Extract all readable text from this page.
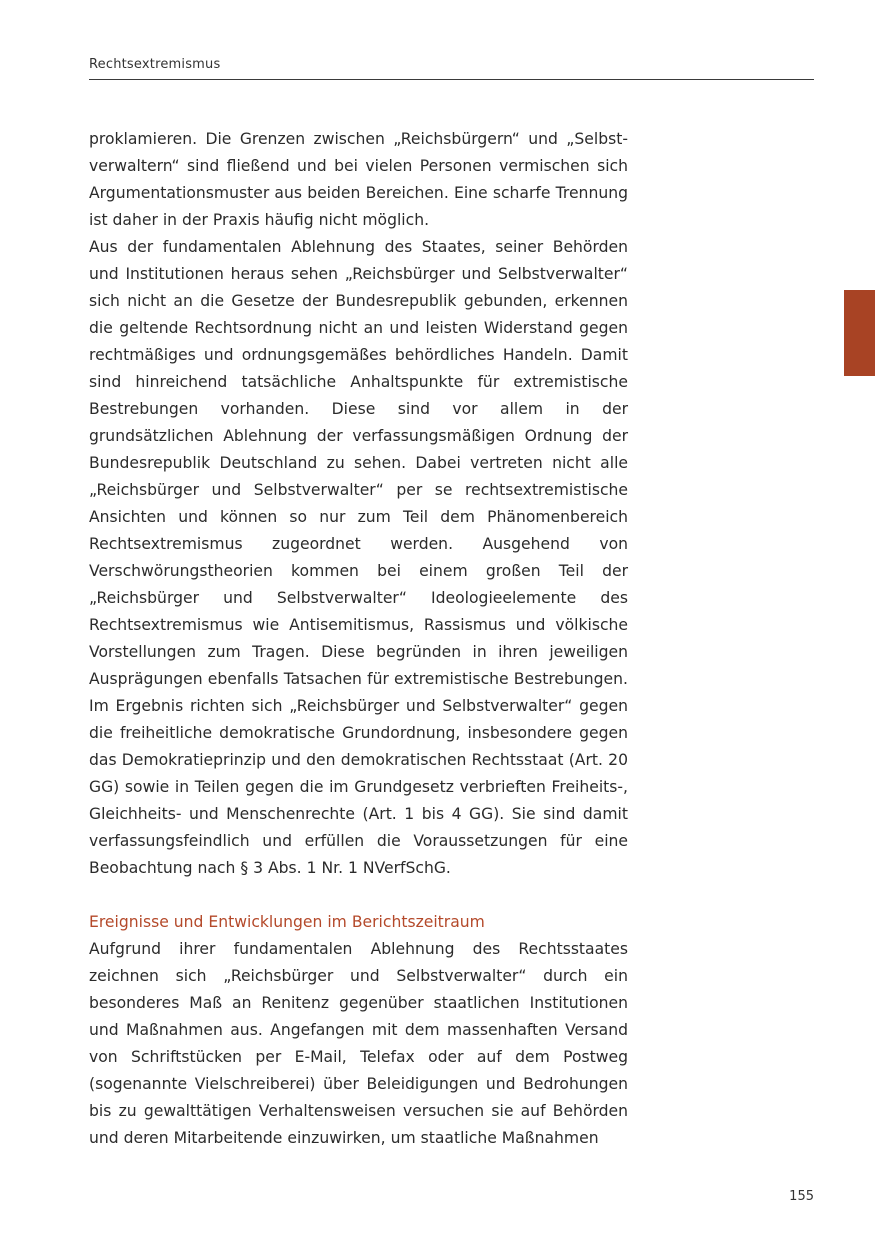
Rechtsextremismus

proklamieren. Die Grenzen zwischen „Reichsbürgern“ und „Selbstverwaltern“ sind fließend und bei vielen Personen vermischen sich Argumentationsmuster aus beiden Bereichen. Eine scharfe Trennung ist daher in der Praxis häufig nicht möglich.

Aus der fundamentalen Ablehnung des Staates, seiner Behörden und Institutionen heraus sehen „Reichsbürger und Selbstverwalter“ sich nicht an die Gesetze der Bundesrepublik gebunden, erkennen die geltende Rechtsordnung nicht an und leisten Widerstand gegen rechtmäßiges und ordnungsgemäßes behördliches Handeln. Damit sind hinreichend tatsächliche Anhaltspunkte für extremistische Bestrebungen vorhanden. Diese sind vor allem in der grundsätzlichen Ablehnung der verfassungsmäßigen Ordnung der Bundesrepublik Deutschland zu sehen. Dabei vertreten nicht alle „Reichsbürger und Selbstverwalter“ per se rechtsextremistische Ansichten und können so nur zum Teil dem Phänomenbereich Rechtsextremismus zugeordnet werden. Ausgehend von Verschwörungstheorien kommen bei einem großen Teil der „Reichsbürger und Selbstverwalter“ Ideologieelemente des Rechtsextremismus wie Antisemitismus, Rassismus und völkische Vorstellungen zum Tragen. Diese begründen in ihren jeweiligen Ausprägungen ebenfalls Tatsachen für extremistische Bestrebungen. Im Ergebnis richten sich „Reichsbürger und Selbstverwalter“ gegen die freiheitliche demokratische Grundordnung, insbesondere gegen das Demokratieprinzip und den demokratischen Rechtsstaat (Art. 20 GG) sowie in Teilen gegen die im Grundgesetz verbrieften Freiheits-, Gleichheits- und Menschenrechte (Art. 1 bis 4 GG). Sie sind damit verfassungsfeindlich und erfüllen die Voraussetzungen für eine Beobachtung nach § 3 Abs. 1 Nr. 1 NVerfSchG.

Ereignisse und Entwicklungen im Berichtszeitraum

Aufgrund ihrer fundamentalen Ablehnung des Rechtsstaates zeichnen sich „Reichsbürger und Selbstverwalter“ durch ein besonderes Maß an Renitenz gegenüber staatlichen Institutionen und Maßnahmen aus. Angefangen mit dem massenhaften Versand von Schriftstücken per E-Mail, Telefax oder auf dem Postweg (sogenannte Vielschreiberei) über Beleidigungen und Bedrohungen bis zu gewalttätigen Verhaltensweisen versuchen sie auf Behörden und deren Mitarbeitende einzuwirken, um staatliche Maßnahmen

155
